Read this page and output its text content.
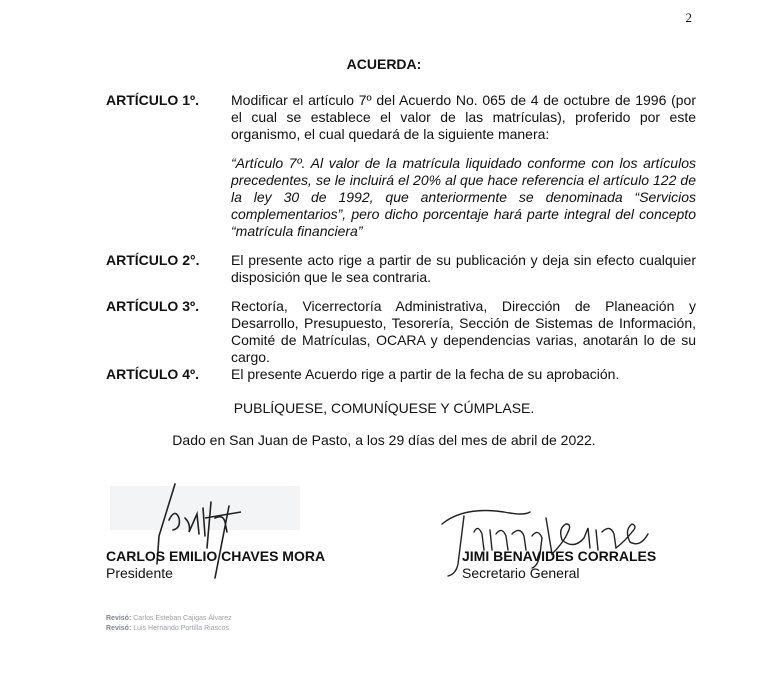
2
ACUERDA:
ARTÍCULO 1º. Modificar el artículo 7º del Acuerdo No. 065 de 4 de octubre de 1996 (por el cual se establece el valor de las matrículas), proferido por este organismo, el cual quedará de la siguiente manera:
“Artículo 7º. Al valor de la matrícula liquidado conforme con los artículos precedentes, se le incluirá el 20% al que hace referencia el artículo 122 de la ley 30 de 1992, que anteriormente se denominada “Servicios complementarios”, pero dicho porcentaje hará parte integral del concepto “matrícula financiera”
ARTÍCULO 2°. El presente acto rige a partir de su publicación y deja sin efecto cualquier disposición que le sea contraria.
ARTÍCULO 3º. Rectoría, Vicerrectoría Administrativa, Dirección de Planeación y Desarrollo, Presupuesto, Tesorería, Sección de Sistemas de Información, Comité de Matrículas, OCARA y dependencias varias, anotarán lo de su cargo.
ARTÍCULO 4º. El presente Acuerdo rige a partir de la fecha de su aprobación.
PUBLÍQUESE, COMUNÍQUESE Y CÚMPLASE.
Dado en San Juan de Pasto, a los 29 días del mes de abril de 2022.
CARLOS EMILIO CHAVES MORA
Presidente
JIMI BENAVIDES CORRALES
Secretario General
Revisó: Carlos Esteban Cajigas Álvarez
Revisó: Luis Hernando Portilla Riascos
